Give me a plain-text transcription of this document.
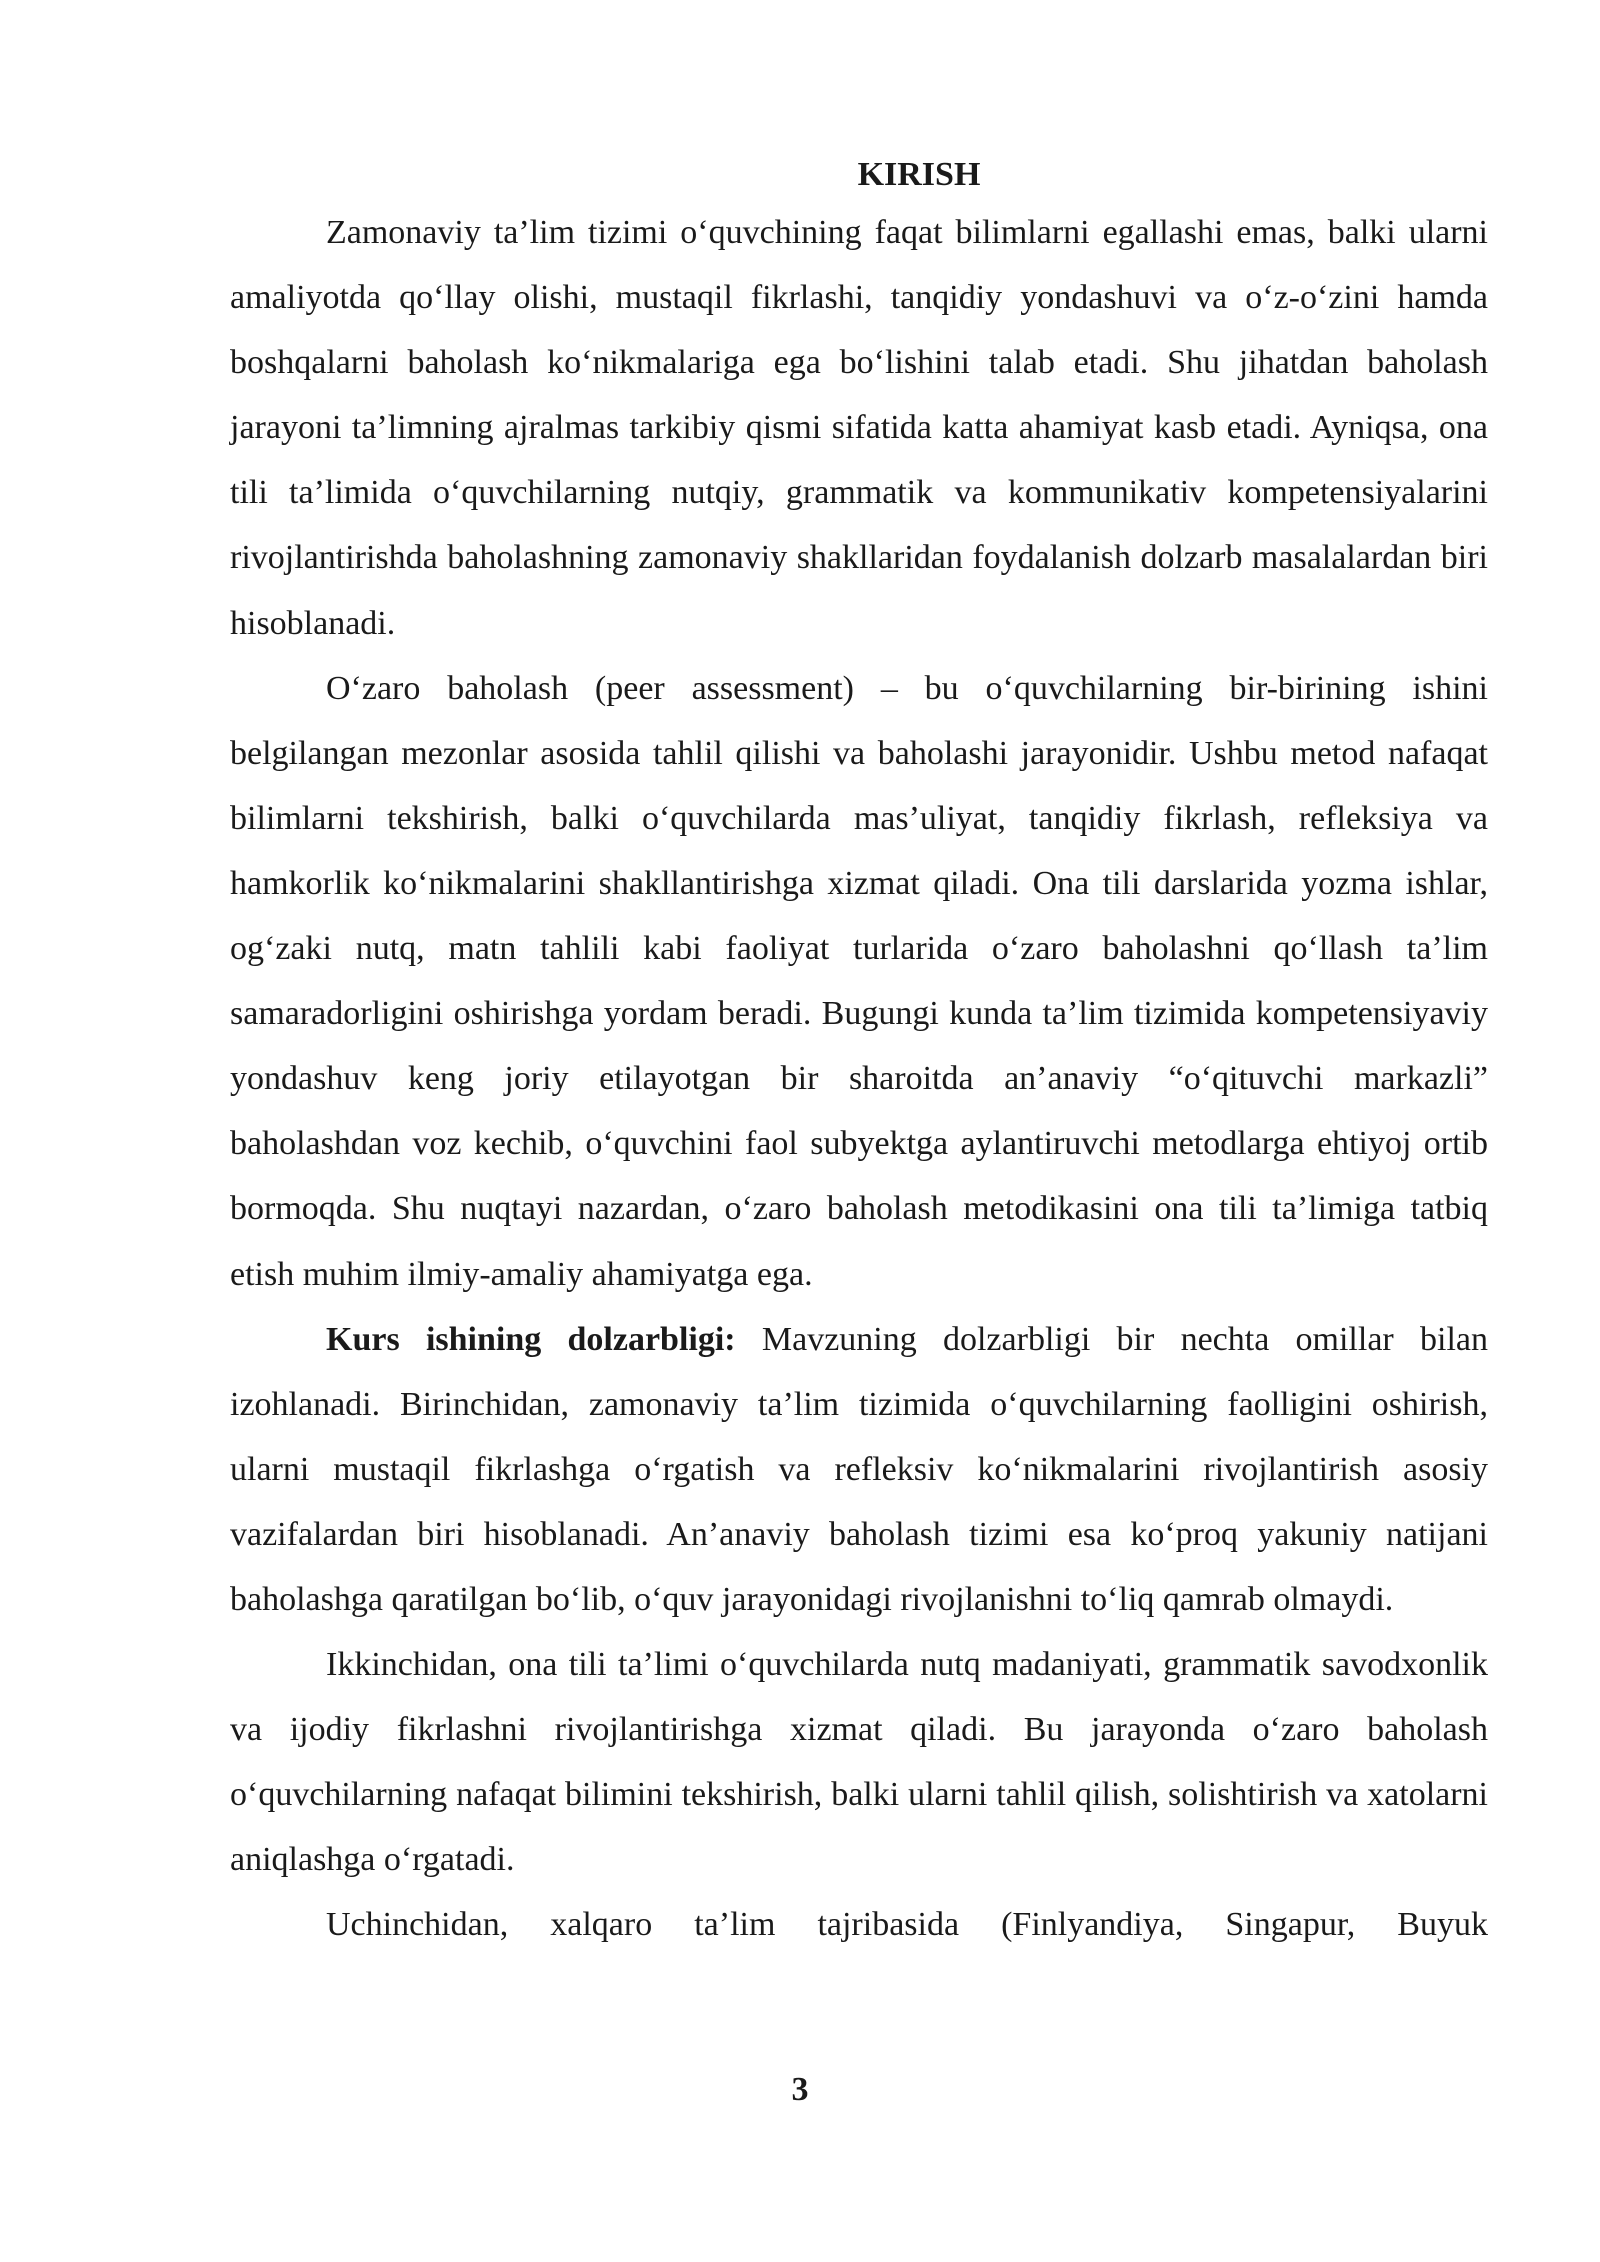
KIRISH

Zamonaviy ta’lim tizimi o‘quvchining faqat bilimlarni egallashi emas, balki ularni amaliyotda qo‘llay olishi, mustaqil fikrlashi, tanqidiy yondashuvi va o‘z-o‘zini hamda boshqalarni baholash ko‘nikmalariga ega bo‘lishini talab etadi. Shu jihatdan baholash jarayoni ta’limning ajralmas tarkibiy qismi sifatida katta ahamiyat kasb etadi. Ayniqsa, ona tili ta’limida o‘quvchilarning nutqiy, grammatik va kommunikativ kompetensiyalarini rivojlantirishda baholashning zamonaviy shakllaridan foydalanish dolzarb masalalardan biri hisoblanadi.

O‘zaro baholash (peer assessment) – bu o‘quvchilarning bir-birining ishini belgilangan mezonlar asosida tahlil qilishi va baholashi jarayonidir. Ushbu metod nafaqat bilimlarni tekshirish, balki o‘quvchilarda mas’uliyat, tanqidiy fikrlash, refleksiya va hamkorlik ko‘nikmalarini shakllantirishga xizmat qiladi. Ona tili darslarida yozma ishlar, og‘zaki nutq, matn tahlili kabi faoliyat turlarida o‘zaro baholashni qo‘llash ta’lim samaradorligini oshirishga yordam beradi. Bugungi kunda ta’lim tizimida kompetensiyaviy yondashuv keng joriy etilayotgan bir sharoitda an’anaviy “o‘qituvchi markazli” baholashdan voz kechib, o‘quvchini faol subyektga aylantiruvchi metodlarga ehtiyoj ortib bormoqda. Shu nuqtayi nazardan, o‘zaro baholash metodikasini ona tili ta’limiga tatbiq etish muhim ilmiy-amaliy ahamiyatga ega.

Kurs ishining dolzarbligi: Mavzuning dolzarbligi bir nechta omillar bilan izohlanadi. Birinchidan, zamonaviy ta’lim tizimida o‘quvchilarning faolligini oshirish, ularni mustaqil fikrlashga o‘rgatish va refleksiv ko‘nikmalarini rivojlantirish asosiy vazifalardan biri hisoblanadi. An’anaviy baholash tizimi esa ko‘proq yakuniy natijani baholashga qaratilgan bo‘lib, o‘quv jarayonidagi rivojlanishni to‘liq qamrab olmaydi.

Ikkinchidan, ona tili ta’limi o‘quvchilarda nutq madaniyati, grammatik savodxonlik va ijodiy fikrlashni rivojlantirishga xizmat qiladi. Bu jarayonda o‘zaro baholash o‘quvchilarning nafaqat bilimini tekshirish, balki ularni tahlil qilish, solishtirish va xatolarni aniqlashga o‘rgatadi.

Uchinchidan, xalqaro ta’lim tajribasida (Finlyandiya, Singapur, Buyuk

3
